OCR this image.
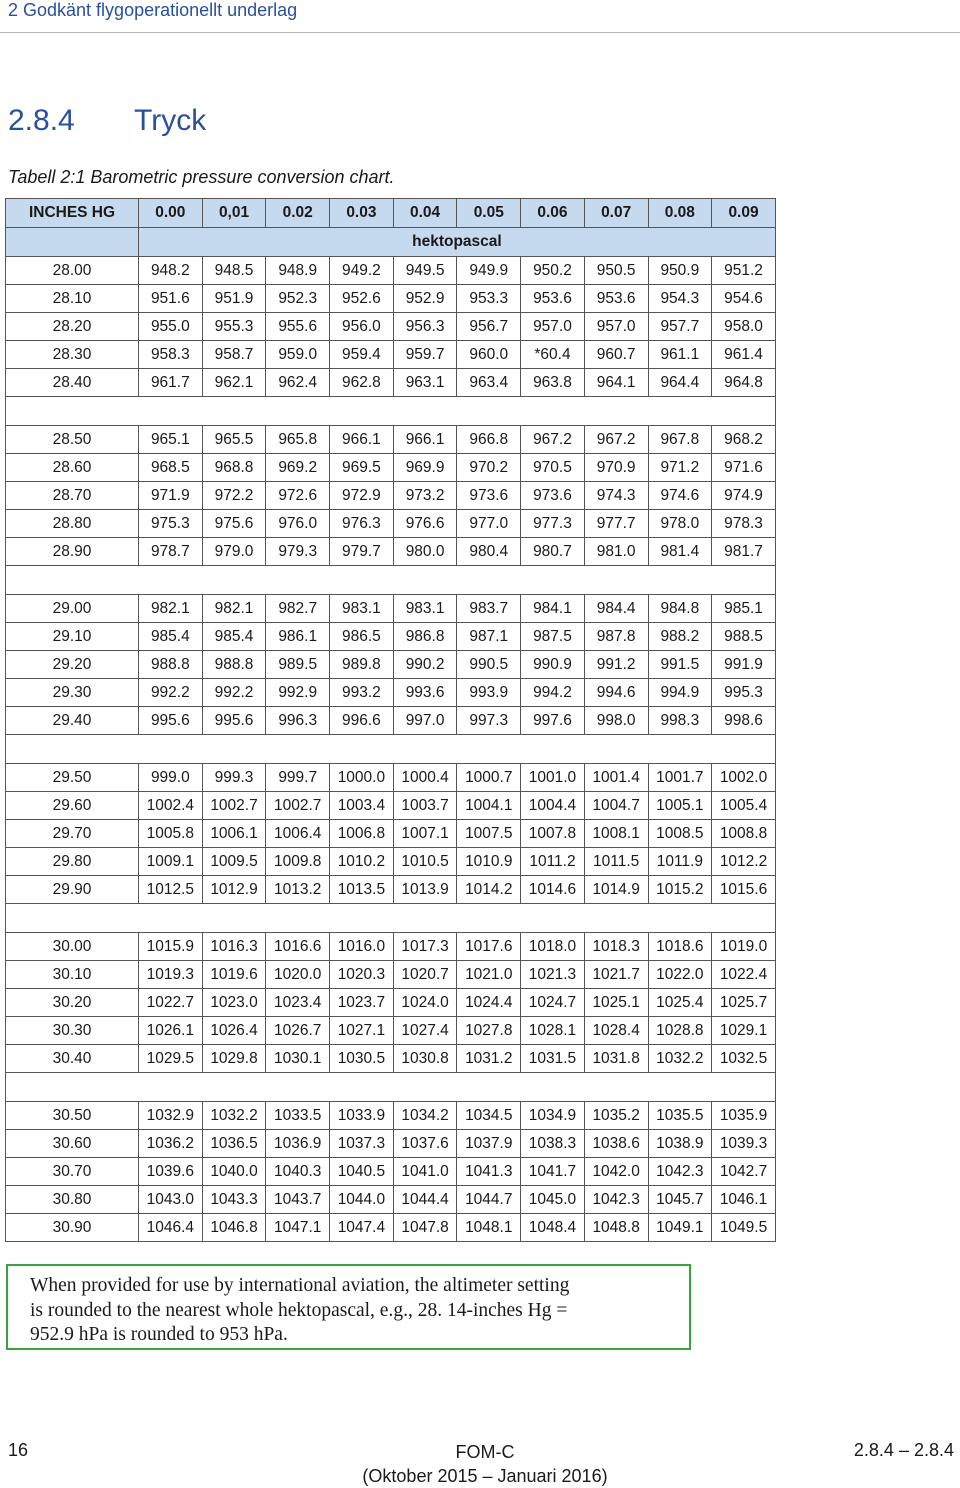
2 Godkänt flygoperationellt underlag
2.8.4 Tryck
Tabell 2:1 Barometric pressure conversion chart.
INCHES HG	0.00	0,01	0.02	0.03	0.04	0.05	0.06	0.07	0.08	0.09
	hektopascal									
28.00	948.2	948.5	948.9	949.2	949.5	949.9	950.2	950.5	950.9	951.2
28.10	951.6	951.9	952.3	952.6	952.9	953.3	953.6	953.6	954.3	954.6
28.20	955.0	955.3	955.6	956.0	956.3	956.7	957.0	957.0	957.7	958.0
28.30	958.3	958.7	959.0	959.4	959.7	960.0	*60.4	960.7	961.1	961.4
28.40	961.7	962.1	962.4	962.8	963.1	963.4	963.8	964.1	964.4	964.8

28.50	965.1	965.5	965.8	966.1	966.1	966.8	967.2	967.2	967.8	968.2
28.60	968.5	968.8	969.2	969.5	969.9	970.2	970.5	970.9	971.2	971.6
28.70	971.9	972.2	972.6	972.9	973.2	973.6	973.6	974.3	974.6	974.9
28.80	975.3	975.6	976.0	976.3	976.6	977.0	977.3	977.7	978.0	978.3
28.90	978.7	979.0	979.3	979.7	980.0	980.4	980.7	981.0	981.4	981.7

29.00	982.1	982.1	982.7	983.1	983.1	983.7	984.1	984.4	984.8	985.1
29.10	985.4	985.4	986.1	986.5	986.8	987.1	987.5	987.8	988.2	988.5
29.20	988.8	988.8	989.5	989.8	990.2	990.5	990.9	991.2	991.5	991.9
29.30	992.2	992.2	992.9	993.2	993.6	993.9	994.2	994.6	994.9	995.3
29.40	995.6	995.6	996.3	996.6	997.0	997.3	997.6	998.0	998.3	998.6

29.50	999.0	999.3	999.7	1000.0	1000.4	1000.7	1001.0	1001.4	1001.7	1002.0
29.60	1002.4	1002.7	1002.7	1003.4	1003.7	1004.1	1004.4	1004.7	1005.1	1005.4
29.70	1005.8	1006.1	1006.4	1006.8	1007.1	1007.5	1007.8	1008.1	1008.5	1008.8
29.80	1009.1	1009.5	1009.8	1010.2	1010.5	1010.9	1011.2	1011.5	1011.9	1012.2
29.90	1012.5	1012.9	1013.2	1013.5	1013.9	1014.2	1014.6	1014.9	1015.2	1015.6

30.00	1015.9	1016.3	1016.6	1016.0	1017.3	1017.6	1018.0	1018.3	1018.6	1019.0
30.10	1019.3	1019.6	1020.0	1020.3	1020.7	1021.0	1021.3	1021.7	1022.0	1022.4
30.20	1022.7	1023.0	1023.4	1023.7	1024.0	1024.4	1024.7	1025.1	1025.4	1025.7
30.30	1026.1	1026.4	1026.7	1027.1	1027.4	1027.8	1028.1	1028.4	1028.8	1029.1
30.40	1029.5	1029.8	1030.1	1030.5	1030.8	1031.2	1031.5	1031.8	1032.2	1032.5

30.50	1032.9	1032.2	1033.5	1033.9	1034.2	1034.5	1034.9	1035.2	1035.5	1035.9
30.60	1036.2	1036.5	1036.9	1037.3	1037.6	1037.9	1038.3	1038.6	1038.9	1039.3
30.70	1039.6	1040.0	1040.3	1040.5	1041.0	1041.3	1041.7	1042.0	1042.3	1042.7
30.80	1043.0	1043.3	1043.7	1044.0	1044.4	1044.7	1045.0	1042.3	1045.7	1046.1
30.90	1046.4	1046.8	1047.1	1047.4	1047.8	1048.1	1048.4	1048.8	1049.1	1049.5
When provided for use by international aviation, the altimeter setting
is rounded to the nearest whole hektopascal, e.g., 28. 14-inches Hg =
952.9 hPa is rounded to 953 hPa.
16	FOM-C
(Oktober 2015 – Januari 2016)
2.8.4 – 2.8.4
